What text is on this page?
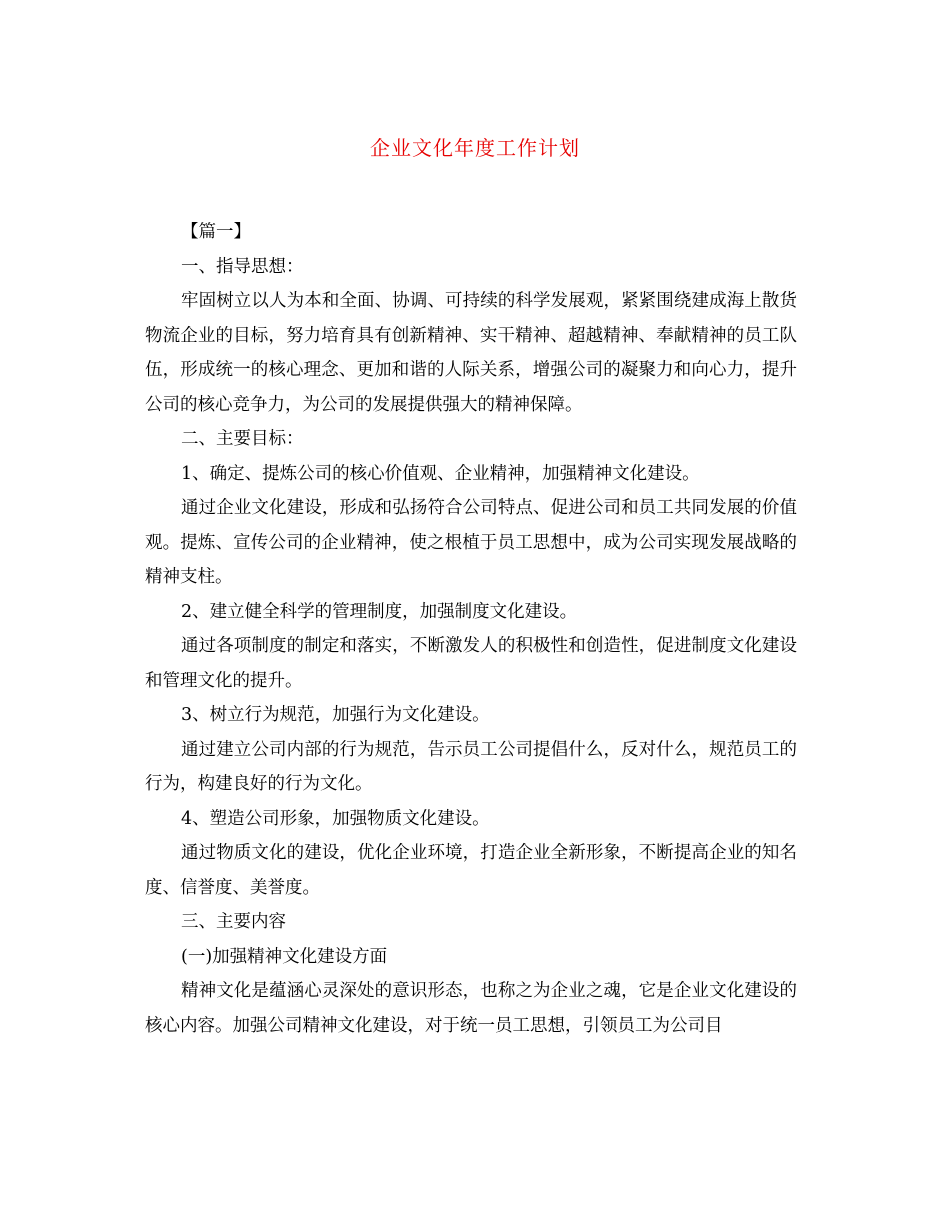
企业文化年度工作计划

【篇一】

一、指导思想：

牢固树立以人为本和全面、协调、可持续的科学发展观，紧紧围绕建成海上散货物流企业的目标，努力培育具有创新精神、实干精神、超越精神、奉献精神的员工队伍，形成统一的核心理念、更加和谐的人际关系，增强公司的凝聚力和向心力，提升公司的核心竞争力，为公司的发展提供强大的精神保障。

二、主要目标：

1、确定、提炼公司的核心价值观、企业精神，加强精神文化建设。

通过企业文化建设，形成和弘扬符合公司特点、促进公司和员工共同发展的价值观。提炼、宣传公司的企业精神，使之根植于员工思想中，成为公司实现发展战略的精神支柱。

2、建立健全科学的管理制度，加强制度文化建设。

通过各项制度的制定和落实，不断激发人的积极性和创造性，促进制度文化建设和管理文化的提升。

3、树立行为规范，加强行为文化建设。

通过建立公司内部的行为规范，告示员工公司提倡什么，反对什么，规范员工的行为，构建良好的行为文化。

4、塑造公司形象，加强物质文化建设。

通过物质文化的建设，优化企业环境，打造企业全新形象，不断提高企业的知名度、信誉度、美誉度。

三、主要内容

(一)加强精神文化建设方面

精神文化是蕴涵心灵深处的意识形态，也称之为企业之魂，它是企业文化建设的核心内容。加强公司精神文化建设，对于统一员工思想，引领员工为公司目
